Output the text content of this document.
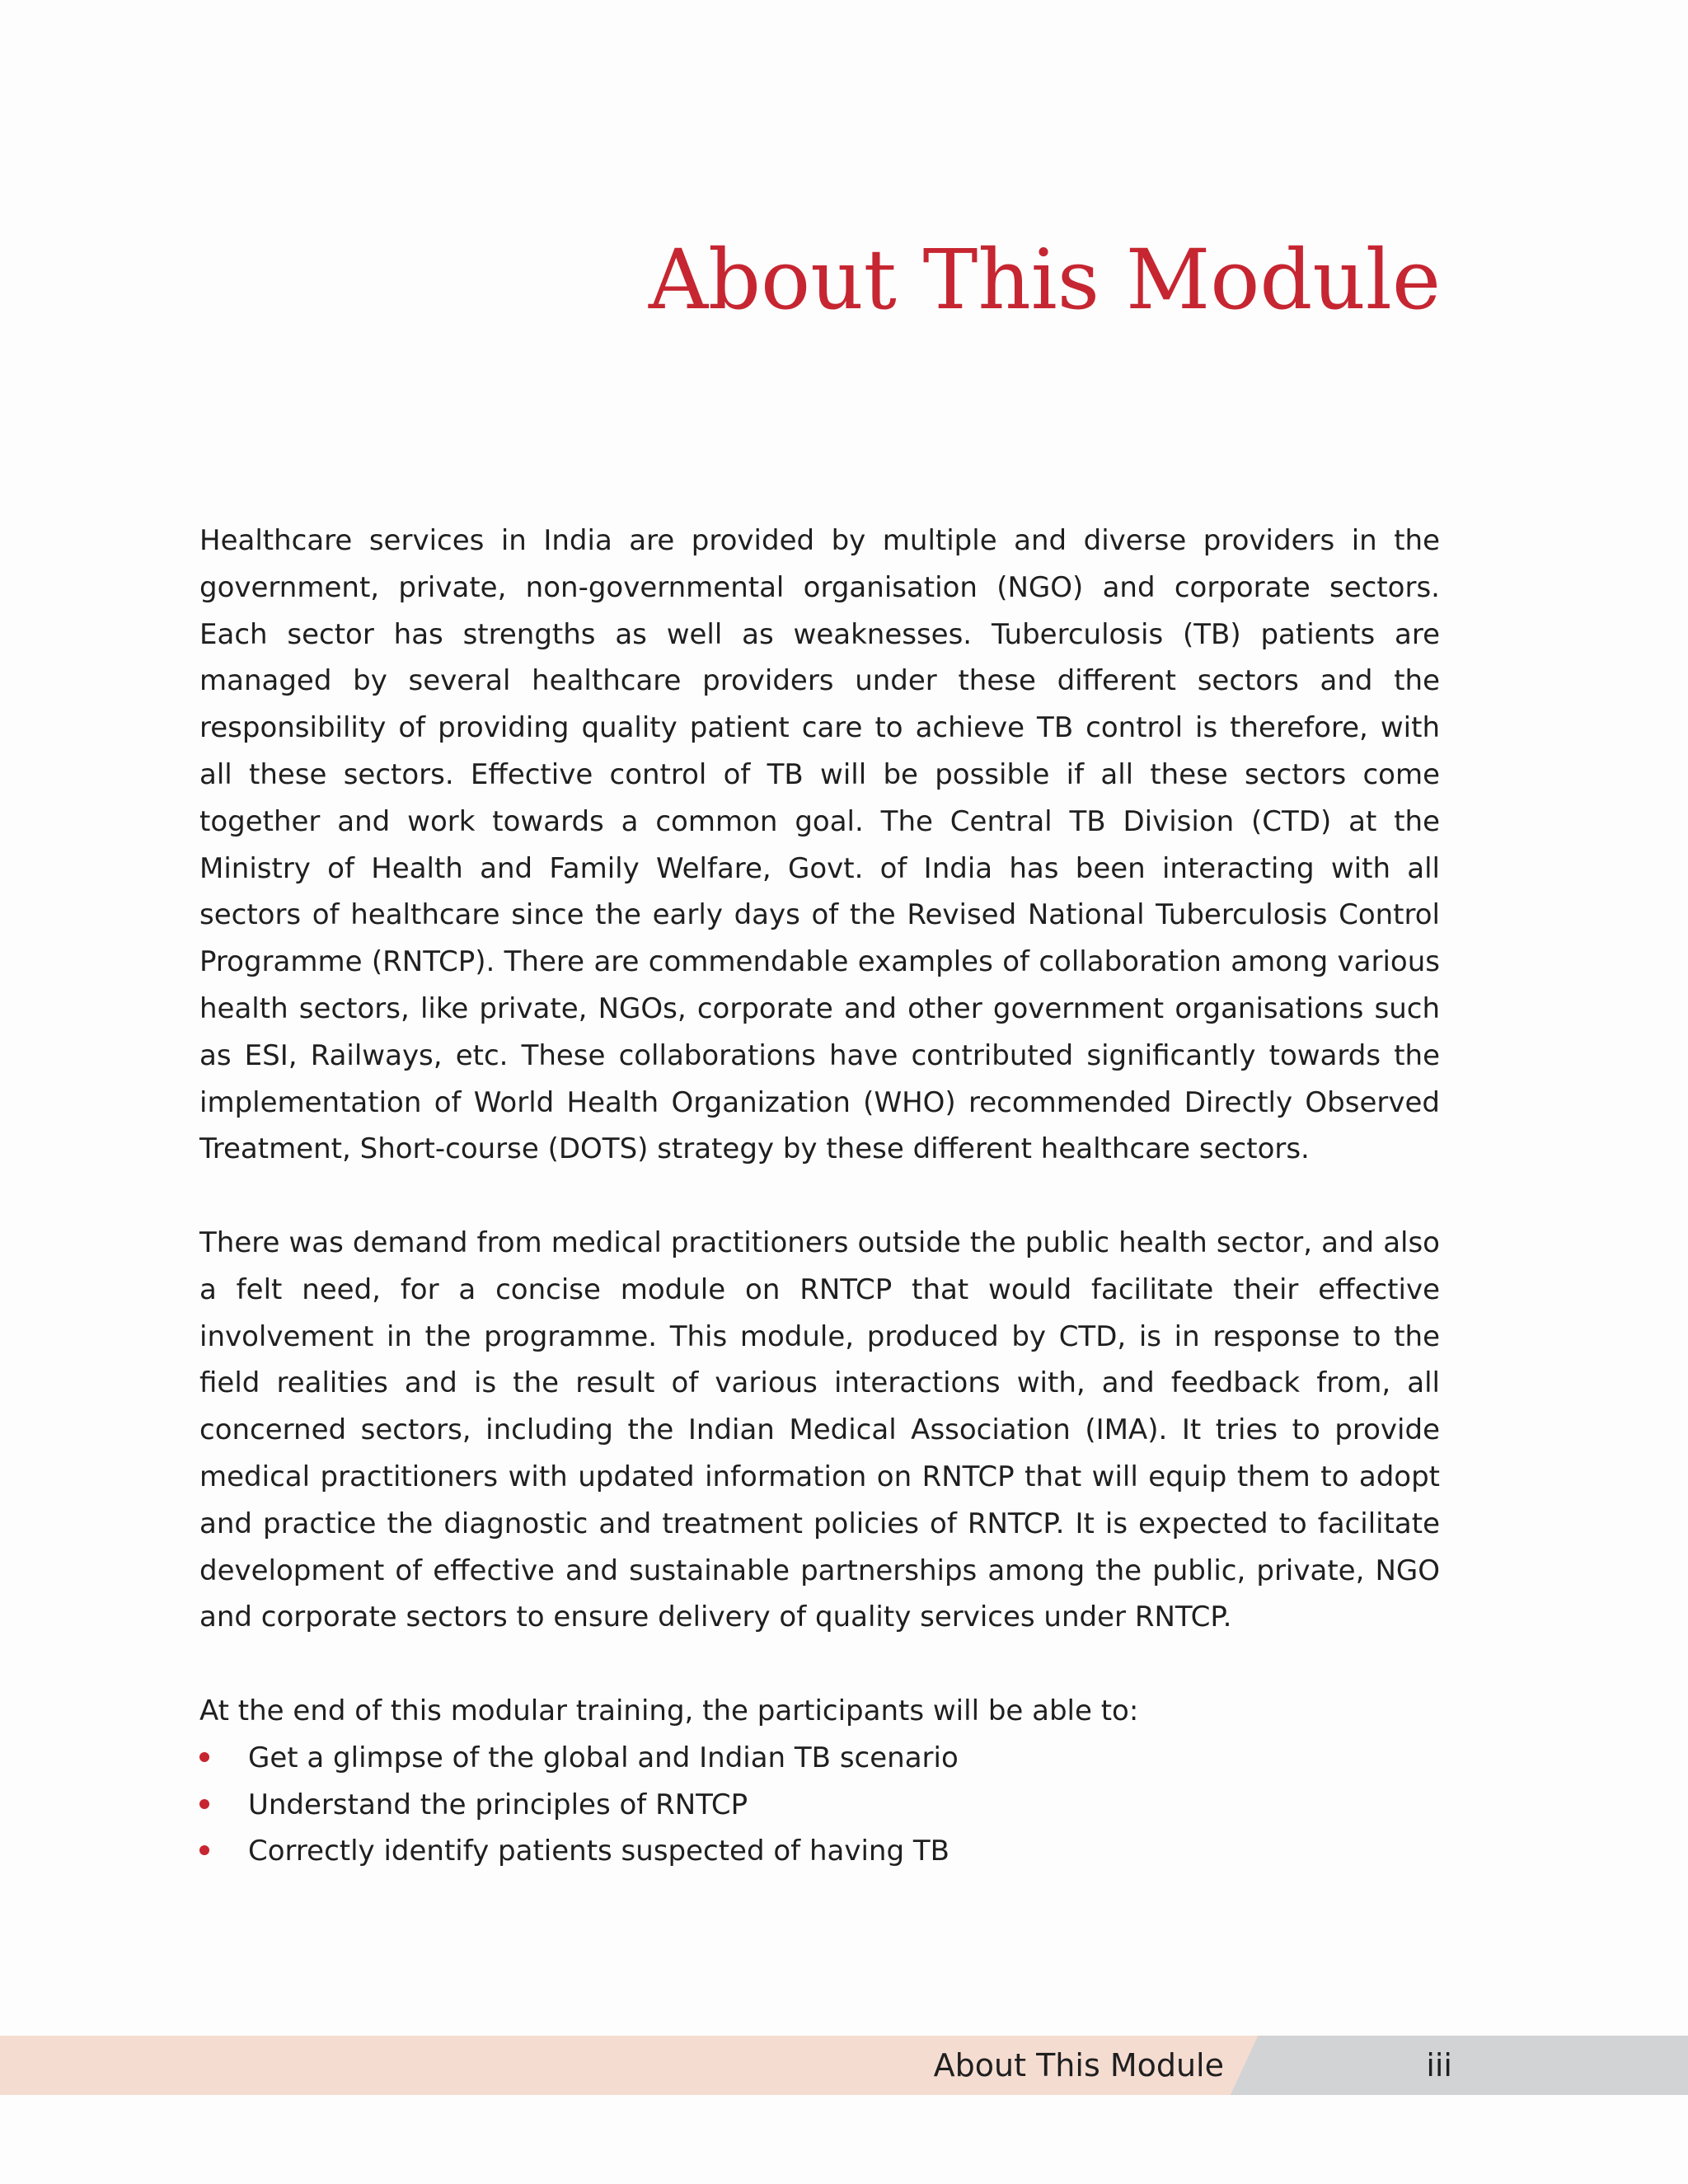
About This Module

Healthcare services in India are provided by multiple and diverse providers in the government, private, non-governmental organisation (NGO) and corporate sectors. Each sector has strengths as well as weaknesses. Tuberculosis (TB) patients are managed by several healthcare providers under these different sectors and the responsibility of providing quality patient care to achieve TB control is therefore, with all these sectors. Effective control of TB will be possible if all these sectors come together and work towards a common goal. The Central TB Division (CTD) at the Ministry of Health and Family Welfare, Govt. of India has been interacting with all sectors of healthcare since the early days of the Revised National Tuberculosis Control Programme (RNTCP). There are commendable examples of collaboration among various health sectors, like private, NGOs, corporate and other government organisations such as ESI, Railways, etc. These collaborations have contributed significantly towards the implementation of World Health Organization (WHO) recommended Directly Observed Treatment, Short-course (DOTS) strategy by these different healthcare sectors.

There was demand from medical practitioners outside the public health sector, and also a felt need, for a concise module on RNTCP that would facilitate their effective involvement in the programme. This module, produced by CTD, is in response to the field realities and is the result of various interactions with, and feedback from, all concerned sectors, including the Indian Medical Association (IMA). It tries to provide medical practitioners with updated information on RNTCP that will equip them to adopt and practice the diagnostic and treatment policies of RNTCP. It is expected to facilitate development of effective and sustainable partnerships among the public, private, NGO and corporate sectors to ensure delivery of quality services under RNTCP.

At the end of this modular training, the participants will be able to:

Get a glimpse of the global and Indian TB scenario
Understand the principles of RNTCP
Correctly identify patients suspected of having TB
About This Module	iii
